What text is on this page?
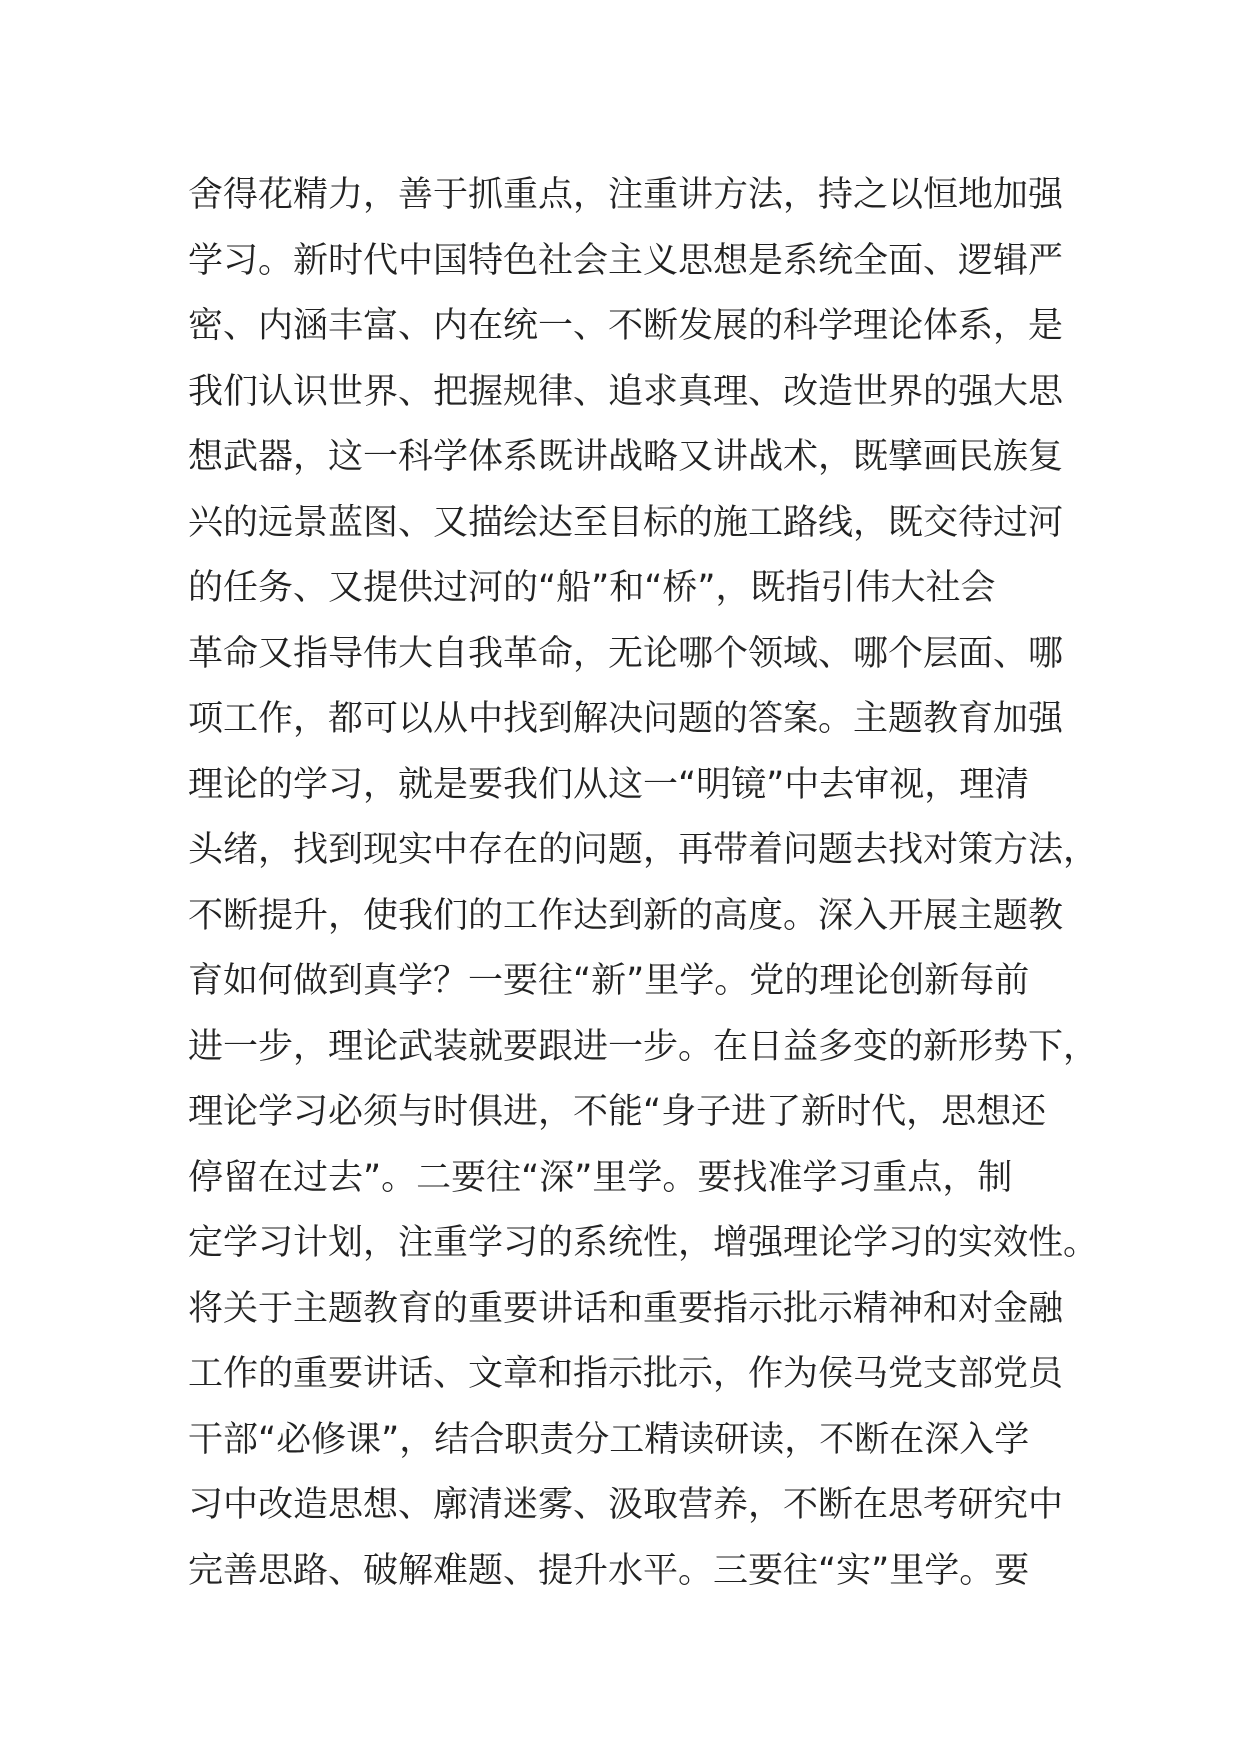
舍得花精力，善于抓重点，注重讲方法，持之以恒地加强
学习。新时代中国特色社会主义思想是系统全面、逻辑严
密、内涵丰富、内在统一、不断发展的科学理论体系，是
我们认识世界、把握规律、追求真理、改造世界的强大思
想武器，这一科学体系既讲战略又讲战术，既擘画民族复
兴的远景蓝图、又描绘达至目标的施工路线，既交待过河
的任务、又提供过河的“船”和“桥”，既指引伟大社会
革命又指导伟大自我革命，无论哪个领域、哪个层面、哪
项工作，都可以从中找到解决问题的答案。主题教育加强
理论的学习，就是要我们从这一“明镜”中去审视，理清
头绪，找到现实中存在的问题，再带着问题去找对策方法，
不断提升，使我们的工作达到新的高度。深入开展主题教
育如何做到真学？一要往“新”里学。党的理论创新每前
进一步，理论武装就要跟进一步。在日益多变的新形势下，
理论学习必须与时俱进，不能“身子进了新时代，思想还
停留在过去”。二要往“深”里学。要找准学习重点，制
定学习计划，注重学习的系统性，增强理论学习的实效性。
将关于主题教育的重要讲话和重要指示批示精神和对金融
工作的重要讲话、文章和指示批示，作为侯马党支部党员
干部“必修课”，结合职责分工精读研读，不断在深入学
习中改造思想、廓清迷雾、汲取营养，不断在思考研究中
完善思路、破解难题、提升水平。三要往“实”里学。要
